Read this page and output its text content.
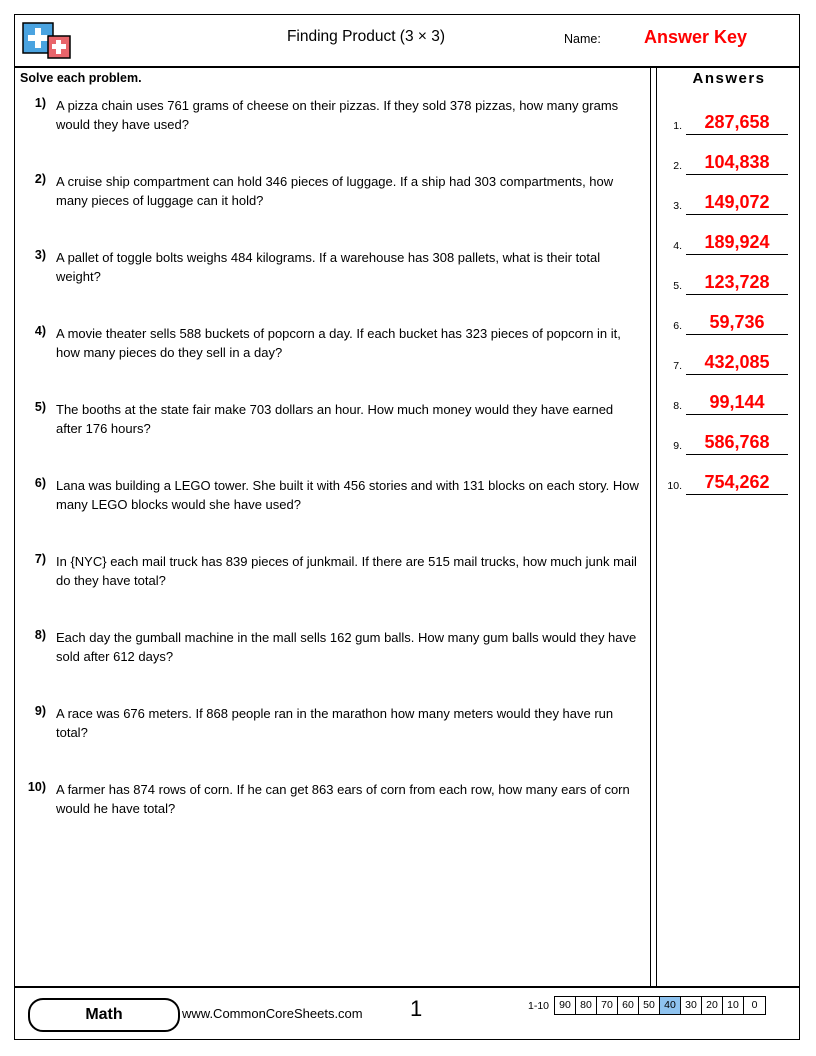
Finding Product (3 × 3)	Name: Answer Key
Solve each problem.
1) A pizza chain uses 761 grams of cheese on their pizzas. If they sold 378 pizzas, how many grams would they have used?
2) A cruise ship compartment can hold 346 pieces of luggage. If a ship had 303 compartments, how many pieces of luggage can it hold?
3) A pallet of toggle bolts weighs 484 kilograms. If a warehouse has 308 pallets, what is their total weight?
4) A movie theater sells 588 buckets of popcorn a day. If each bucket has 323 pieces of popcorn in it, how many pieces do they sell in a day?
5) The booths at the state fair make 703 dollars an hour. How much money would they have earned after 176 hours?
6) Lana was building a LEGO tower. She built it with 456 stories and with 131 blocks on each story. How many LEGO blocks would she have used?
7) In {NYC} each mail truck has 839 pieces of junkmail. If there are 515 mail trucks, how much junk mail do they have total?
8) Each day the gumball machine in the mall sells 162 gum balls. How many gum balls would they have sold after 612 days?
9) A race was 676 meters. If 868 people ran in the marathon how many meters would they have run total?
10) A farmer has 874 rows of corn. If he can get 863 ears of corn from each row, how many ears of corn would he have total?
Answers
1.	287,658
2.	104,838
3.	149,072
4.	189,924
5.	123,728
6.	59,736
7.	432,085
8.	99,144
9.	586,768
10.	754,262
Math	www.CommonCoreSheets.com 1	1-10 90 80 70 60 50 40 30 20 10	0
